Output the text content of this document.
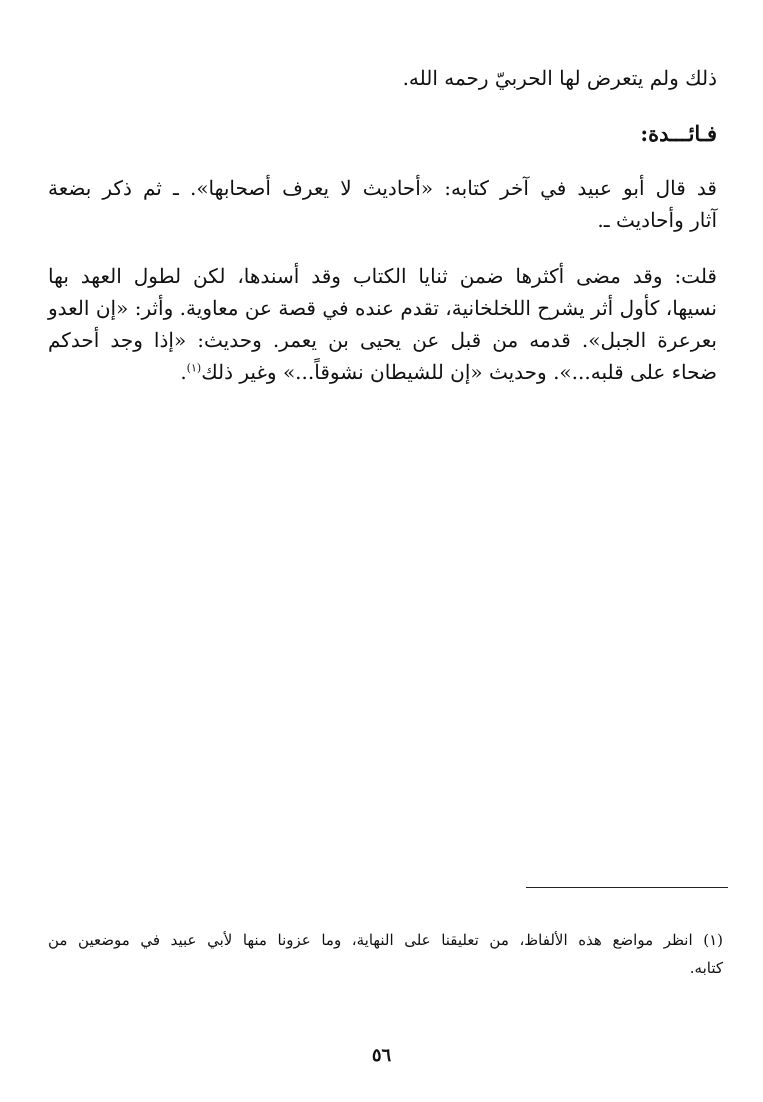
ذلك ولم يتعرض لها الحربيّ رحمه الله.
فـائـــدة:
قد قال أبو عبيد في آخر كتابه: «أحاديث لا يعرف أصحابها». ـ ثم ذكر بضعة
آثار وأحاديث ـ.
قلت: وقد مضى أكثرها ضمن ثنايا الكتاب وقد أسندها، لكن لطول العهد بها
نسيها، كأول أثر يشرح اللخلخانية، تقدم عنده في قصة عن معاوية. وأثر: «إن العدو
بعرعرة الجبل». قدمه من قبل عن يحيى بن يعمر. وحديث: «إذا وجد أحدكم
ضحاء على قلبه...». وحديث «إن للشيطان نشوقاً...» وغير ذلك$^{(١)}$.
(١) انظر مواضع هذه الألفاظ، من تعليقنا على النهاية، وما عزونا منها لأبي عبيد في موضعين من
كتابه.
٥٦
